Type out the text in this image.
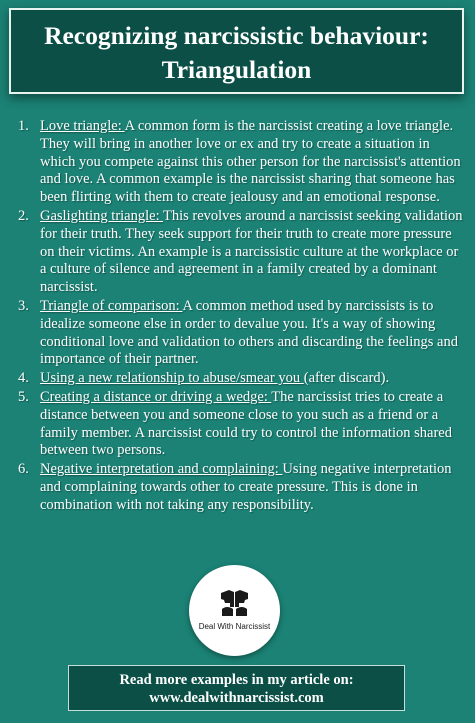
Recognizing narcissistic behaviour:
Triangulation
1. Love triangle: A common form is the narcissist creating a love triangle. They will bring in another love or ex and try to create a situation in which you compete against this other person for the narcissist's attention and love. A common example is the narcissist sharing that someone has been flirting with them to create jealousy and an emotional response.
2. Gaslighting triangle: This revolves around a narcissist seeking validation for their truth. They seek support for their truth to create more pressure on their victims. An example is a narcissistic culture at the workplace or a culture of silence and agreement in a family created by a dominant narcissist.
3. Triangle of comparison: A common method used by narcissists is to idealize someone else in order to devalue you. It's a way of showing conditional love and validation to others and discarding the feelings and importance of their partner.
4. Using a new relationship to abuse/smear you (after discard).
5. Creating a distance or driving a wedge: The narcissist tries to create a distance between you and someone close to you such as a friend or a family member. A narcissist could try to control the information shared between two persons.
6. Negative interpretation and complaining: Using negative interpretation and complaining towards other to create pressure. This is done in combination with not taking any responsibility.
Deal With Narcissist
Read more examples in my article on:
www.dealwithnarcissist.com
